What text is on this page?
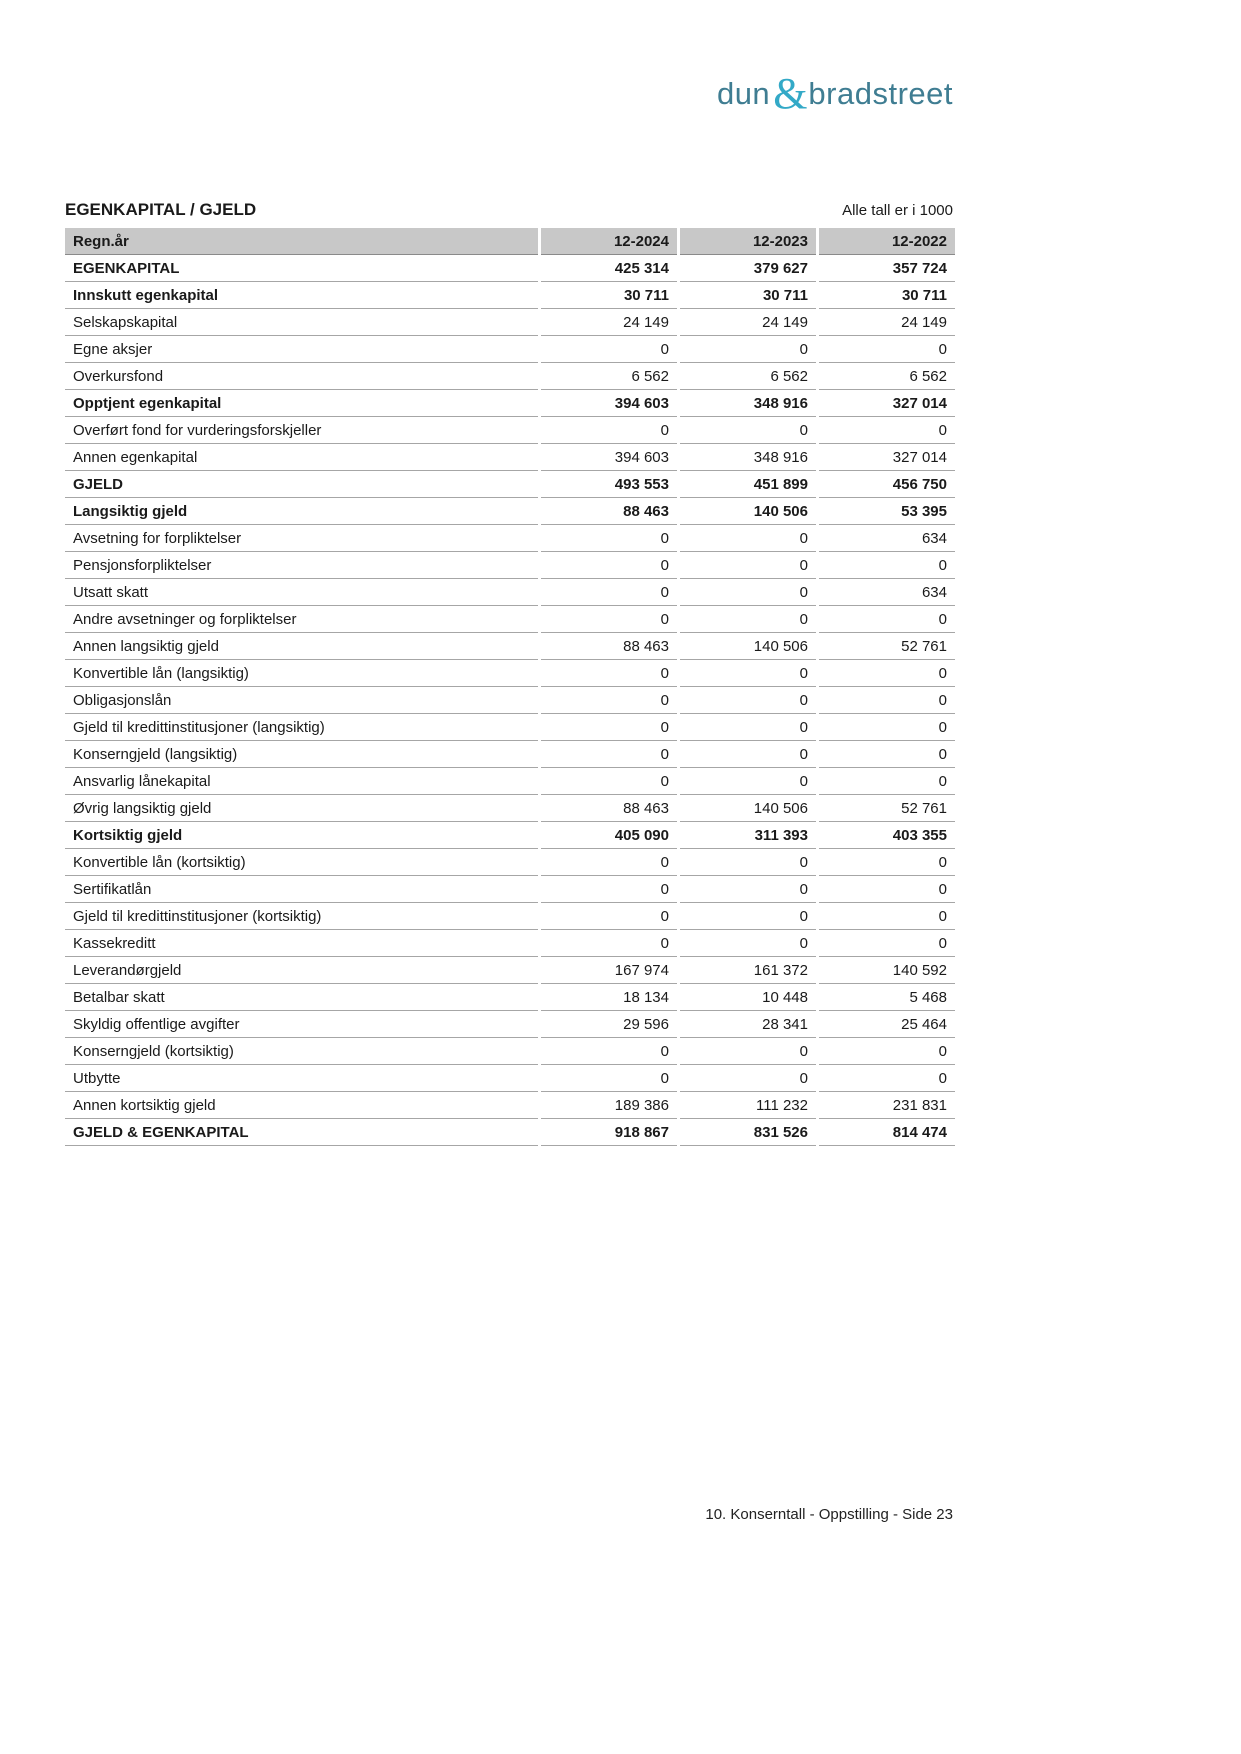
dun & bradstreet
EGENKAPITAL / GJELD	Alle tall er i 1000
Regn.år	12-2024	12-2023	12-2022
EGENKAPITAL	425 314	379 627	357 724
Innskutt egenkapital	30 711	30 711	30 711
Selskapskapital	24 149	24 149	24 149
Egne aksjer	0	0	0
Overkursfond	6 562	6 562	6 562
Opptjent egenkapital	394 603	348 916	327 014
Overført fond for vurderingsforskjeller	0	0	0
Annen egenkapital	394 603	348 916	327 014
GJELD	493 553	451 899	456 750
Langsiktig gjeld	88 463	140 506	53 395
Avsetning for forpliktelser	0	0	634
Pensjonsforpliktelser	0	0	0
Utsatt skatt	0	0	634
Andre avsetninger og forpliktelser	0	0	0
Annen langsiktig gjeld	88 463	140 506	52 761
Konvertible lån (langsiktig)	0	0	0
Obligasjonslån	0	0	0
Gjeld til kredittinstitusjoner (langsiktig)	0	0	0
Konserngjeld (langsiktig)	0	0	0
Ansvarlig lånekapital	0	0	0
Øvrig langsiktig gjeld	88 463	140 506	52 761
Kortsiktig gjeld	405 090	311 393	403 355
Konvertible lån (kortsiktig)	0	0	0
Sertifikatlån	0	0	0
Gjeld til kredittinstitusjoner (kortsiktig)	0	0	0
Kassekreditt	0	0	0
Leverandørgjeld	167 974	161 372	140 592
Betalbar skatt	18 134	10 448	5 468
Skyldig offentlige avgifter	29 596	28 341	25 464
Konserngjeld (kortsiktig)	0	0	0
Utbytte	0	0	0
Annen kortsiktig gjeld	189 386	111 232	231 831
GJELD & EGENKAPITAL	918 867	831 526	814 474
10. Konserntall - Oppstilling - Side 23
